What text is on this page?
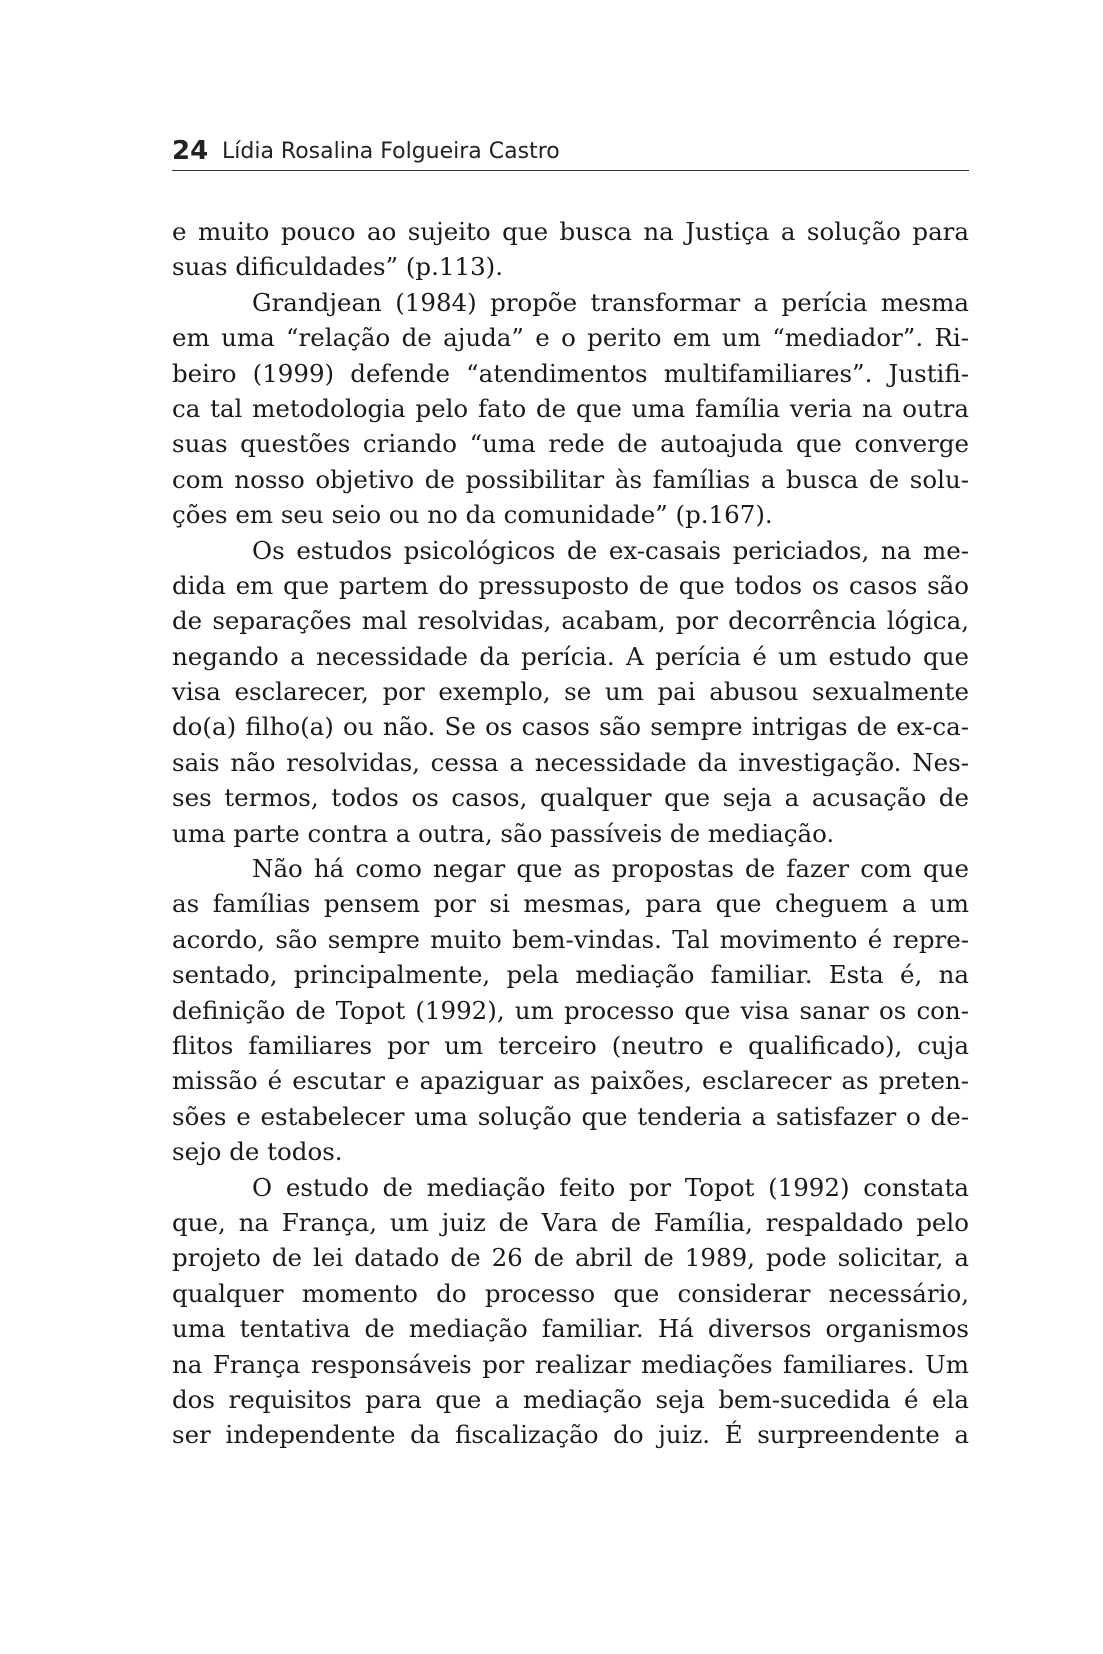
24 Lídia Rosalina Folgueira Castro
e muito pouco ao sujeito que busca na Justiça a solução para
suas dificuldades” (p.113).
Grandjean (1984) propõe transformar a perícia mesma
em uma “relação de ajuda” e o perito em um “mediador”. Ri-
beiro (1999) defende “atendimentos multifamiliares”. Justifi-
ca tal metodologia pelo fato de que uma família veria na outra
suas questões criando “uma rede de autoajuda que converge
com nosso objetivo de possibilitar às famílias a busca de solu-
ções em seu seio ou no da comunidade” (p.167).
Os estudos psicológicos de ex-casais periciados, na me-
dida em que partem do pressuposto de que todos os casos são
de separações mal resolvidas, acabam, por decorrência lógica,
negando a necessidade da perícia. A perícia é um estudo que
visa esclarecer, por exemplo, se um pai abusou sexualmente
do(a) filho(a) ou não. Se os casos são sempre intrigas de ex-ca-
sais não resolvidas, cessa a necessidade da investigação. Nes-
ses termos, todos os casos, qualquer que seja a acusação de
uma parte contra a outra, são passíveis de mediação.
Não há como negar que as propostas de fazer com que
as famílias pensem por si mesmas, para que cheguem a um
acordo, são sempre muito bem-vindas. Tal movimento é repre-
sentado, principalmente, pela mediação familiar. Esta é, na
definição de Topot (1992), um processo que visa sanar os con-
flitos familiares por um terceiro (neutro e qualificado), cuja
missão é escutar e apaziguar as paixões, esclarecer as preten-
sões e estabelecer uma solução que tenderia a satisfazer o de-
sejo de todos.
O estudo de mediação feito por Topot (1992) constata
que, na França, um juiz de Vara de Família, respaldado pelo
projeto de lei datado de 26 de abril de 1989, pode solicitar, a
qualquer momento do processo que considerar necessário,
uma tentativa de mediação familiar. Há diversos organismos
na França responsáveis por realizar mediações familiares. Um
dos requisitos para que a mediação seja bem-sucedida é ela
ser independente da fiscalização do juiz. É surpreendente a
